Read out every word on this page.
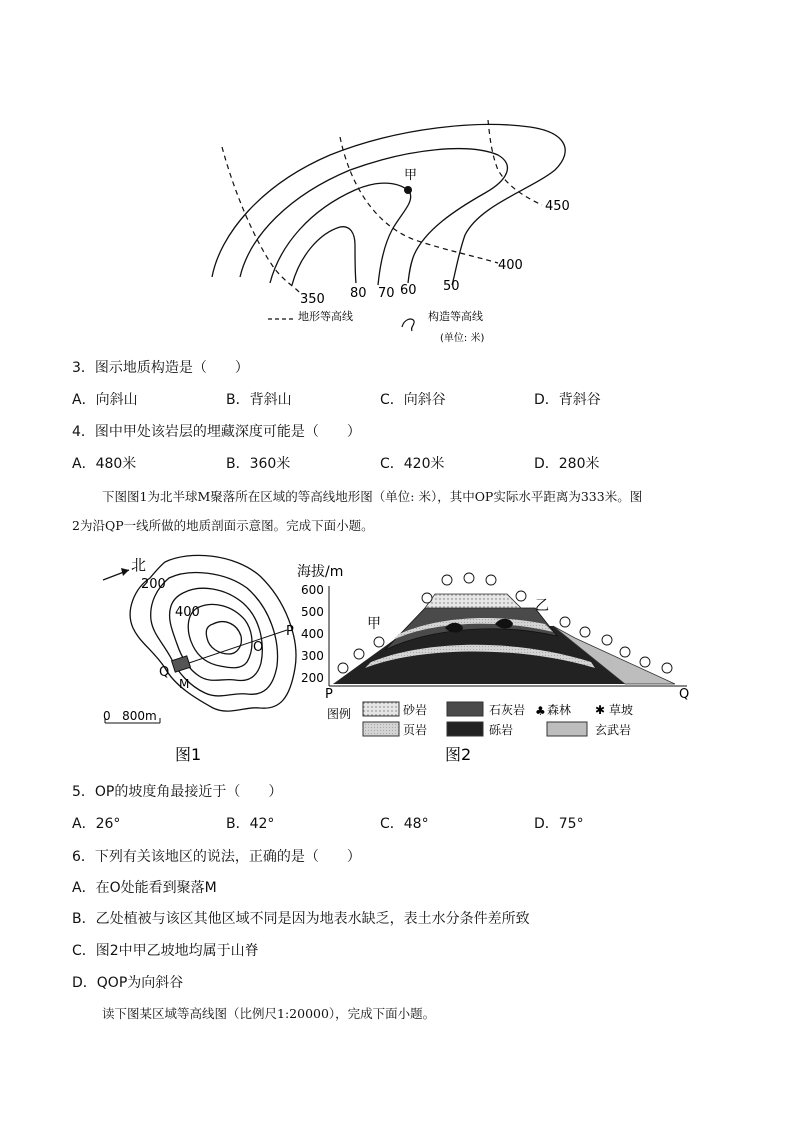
甲
450
400
350 80 70 60 50
地形等高线	构造等高线
(单位: 米)
3．图示地质构造是（　　）
A．向斜山	B．背斜山	C．向斜谷	D．背斜谷
4．图中甲处该岩层的埋藏深度可能是（　　）
A．480米	B．360米	C．420米	D．280米
下图图1为北半球M聚落所在区域的等高线地形图（单位: 米），其中OP实际水平距离为333米。图
2为沿QP一线所做的地质剖面示意图。完成下面小题。
北
200
400
O
P
Q
M
0   800m
图1
海拔/m
600
500
400
300
200
甲
乙
P	Q
图例	砂岩	石灰岩 ♣ 森林 ✱ 草坡
页岩	砾岩	玄武岩
图2
5．OP的坡度角最接近于（　　）
A．26°	B．42°	C．48°	D．75°
6．下列有关该地区的说法，正确的是（　　）
A．在O处能看到聚落M
B．乙处植被与该区其他区域不同是因为地表水缺乏，表土水分条件差所致
C．图2中甲乙坡地均属于山脊
D．QOP为向斜谷
读下图某区域等高线图（比例尺1:20000），完成下面小题。
